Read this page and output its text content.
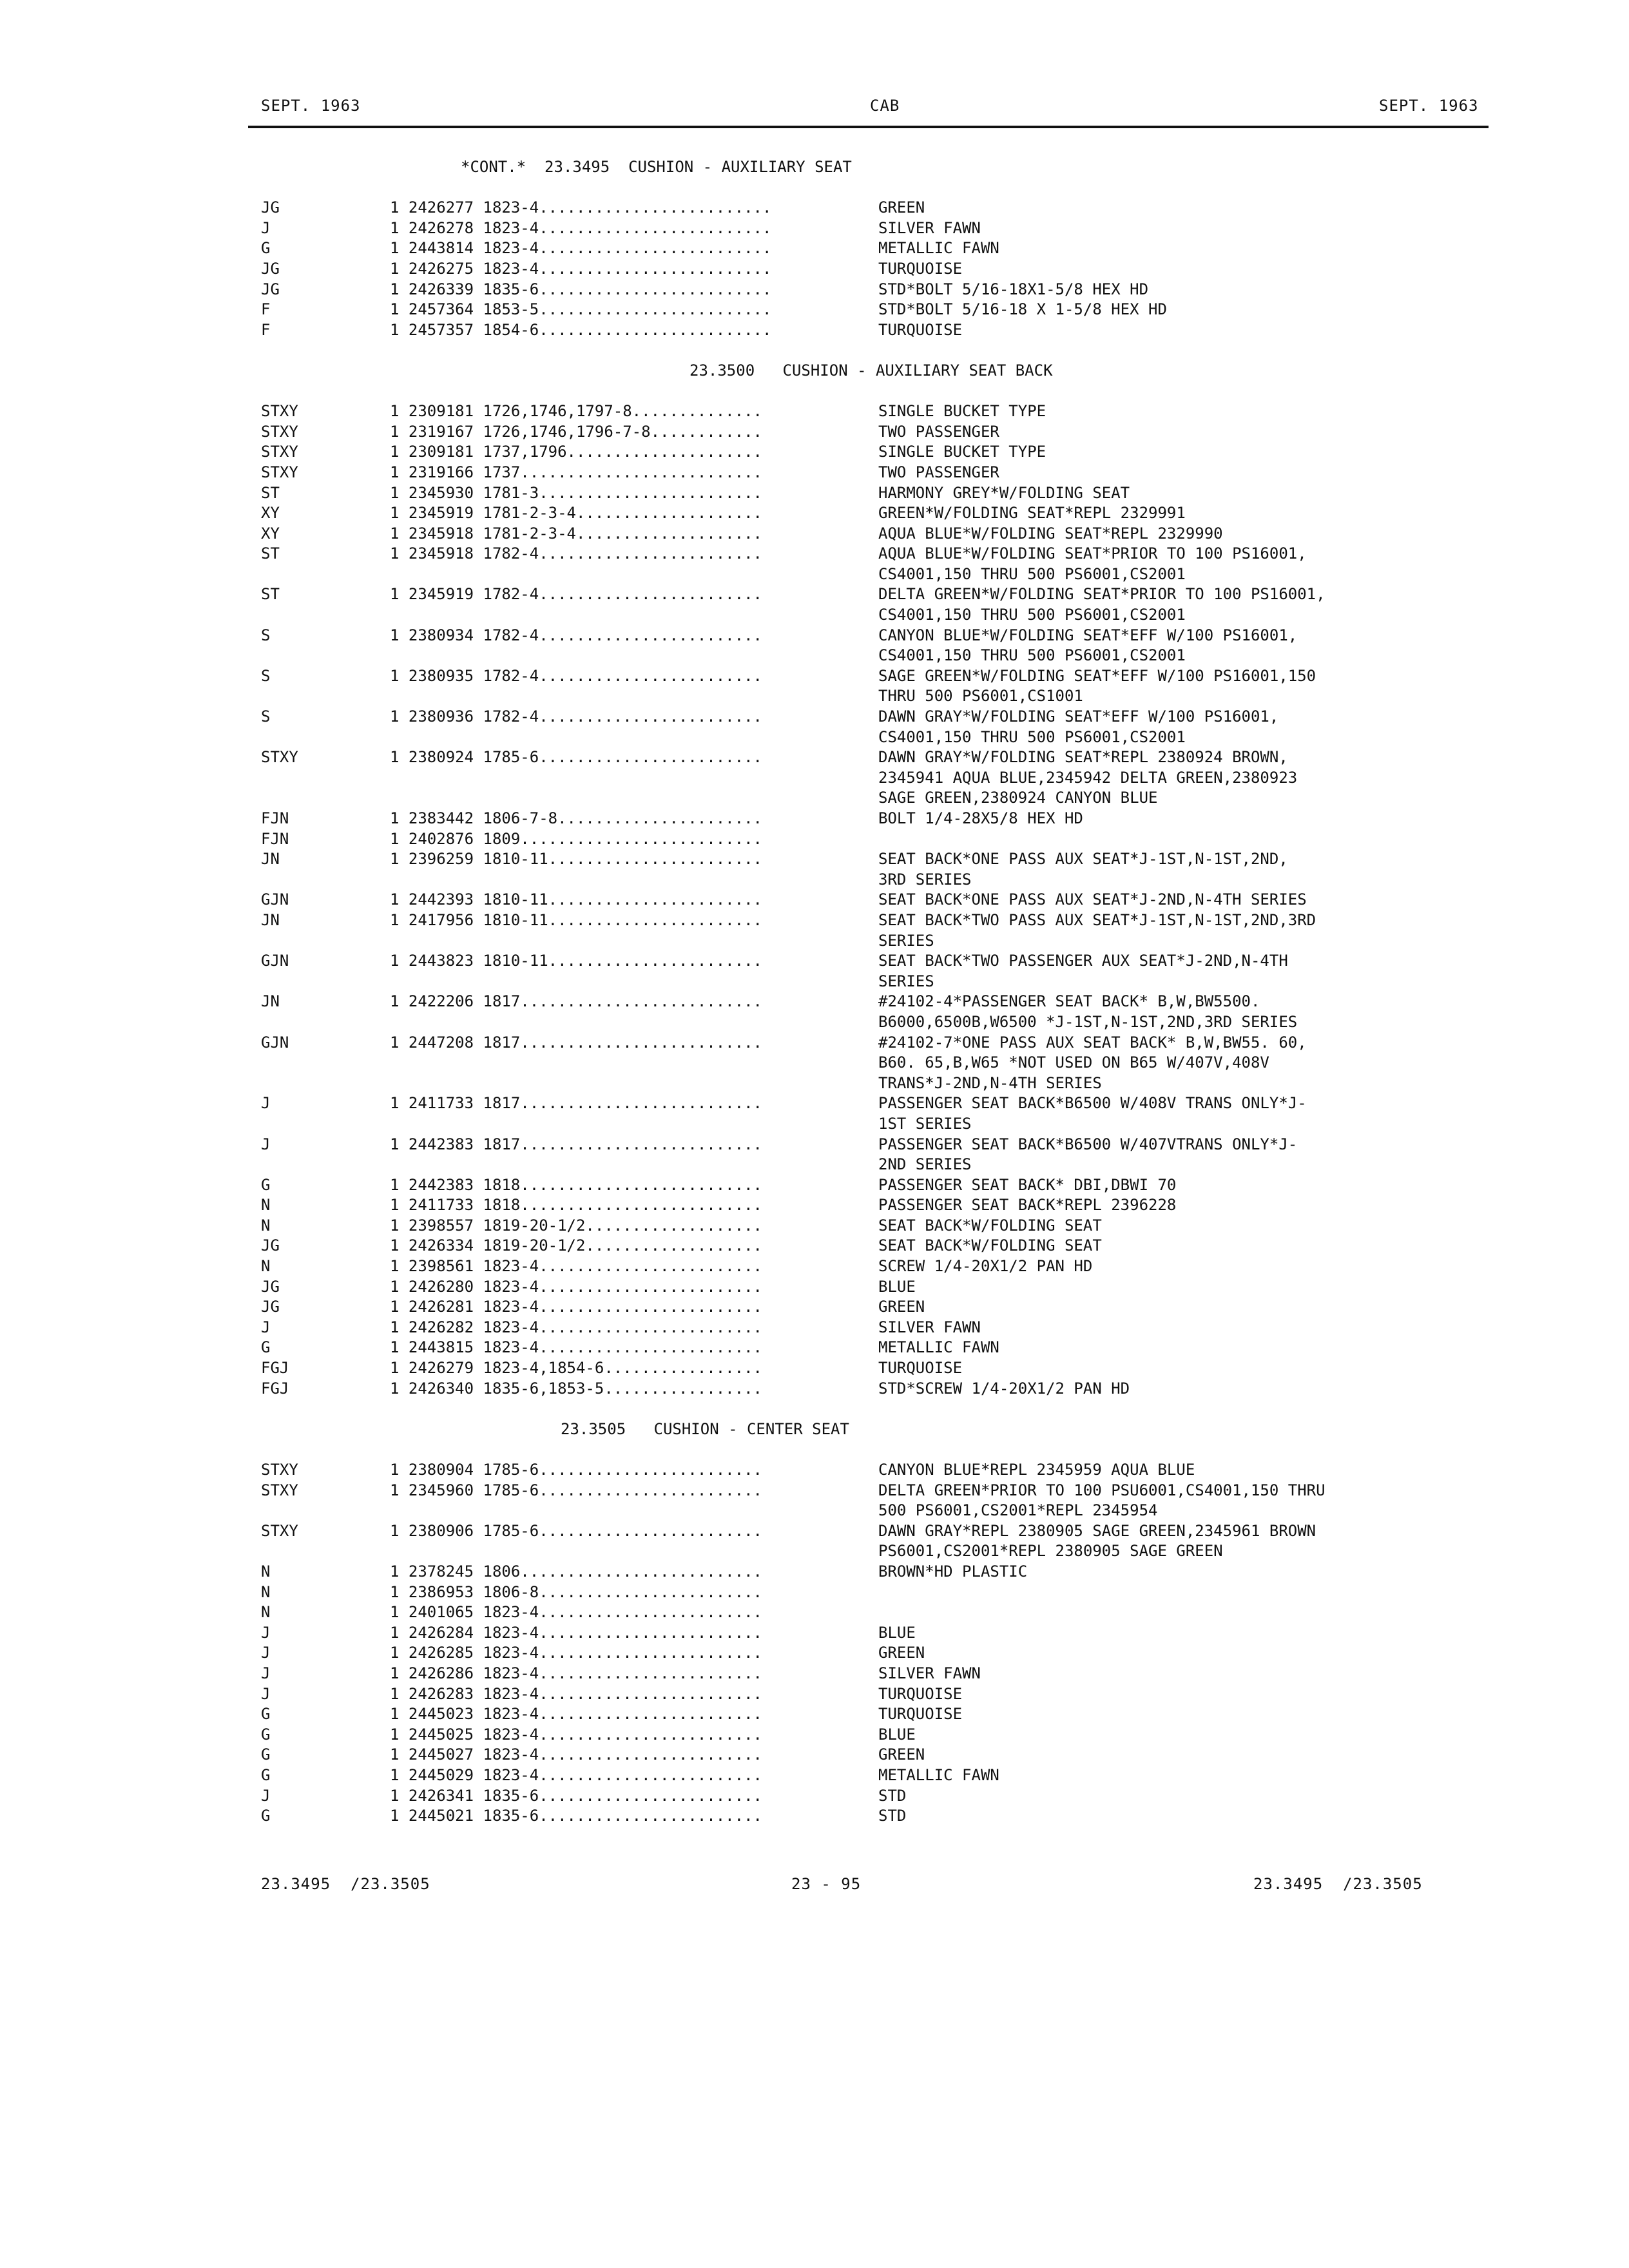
SEPT. 1963	CAB	SEPT. 1963
*CONT.*  23.3495  CUSHION - AUXILIARY SEAT
JG	1 2426277 1823-4.........................	GREEN
J	1 2426278 1823-4.........................	SILVER FAWN
G	1 2443814 1823-4.........................	METALLIC FAWN
JG	1 2426275 1823-4.........................	TURQUOISE
JG	1 2426339 1835-6.........................	STD*BOLT 5/16-18X1-5/8 HEX HD
F	1 2457364 1853-5.........................	STD*BOLT 5/16-18 X 1-5/8 HEX HD
F	1 2457357 1854-6.........................	TURQUOISE
23.3500   CUSHION - AUXILIARY SEAT BACK
STXY	1 2309181 1726,1746,1797-8..............	SINGLE BUCKET TYPE
STXY	1 2319167 1726,1746,1796-7-8............	TWO PASSENGER
STXY	1 2309181 1737,1796.....................	SINGLE BUCKET TYPE
STXY	1 2319166 1737..........................	TWO PASSENGER
ST	1 2345930 1781-3........................	HARMONY GREY*W/FOLDING SEAT
XY	1 2345919 1781-2-3-4....................	GREEN*W/FOLDING SEAT*REPL 2329991
XY	1 2345918 1781-2-3-4....................	AQUA BLUE*W/FOLDING SEAT*REPL 2329990
ST	1 2345918 1782-4........................	AQUA BLUE*W/FOLDING SEAT*PRIOR TO 100 PS16001,
CS4001,150 THRU 500 PS6001,CS2001
ST	1 2345919 1782-4........................	DELTA GREEN*W/FOLDING SEAT*PRIOR TO 100 PS16001,
CS4001,150 THRU 500 PS6001,CS2001
S	1 2380934 1782-4........................	CANYON BLUE*W/FOLDING SEAT*EFF W/100 PS16001,
CS4001,150 THRU 500 PS6001,CS2001
S	1 2380935 1782-4........................	SAGE GREEN*W/FOLDING SEAT*EFF W/100 PS16001,150
THRU 500 PS6001,CS1001
S	1 2380936 1782-4........................	DAWN GRAY*W/FOLDING SEAT*EFF W/100 PS16001,
CS4001,150 THRU 500 PS6001,CS2001
STXY	1 2380924 1785-6........................	DAWN GRAY*W/FOLDING SEAT*REPL 2380924 BROWN,
2345941 AQUA BLUE,2345942 DELTA GREEN,2380923
SAGE GREEN,2380924 CANYON BLUE
FJN	1 2383442 1806-7-8......................	BOLT 1/4-28X5/8 HEX HD
FJN	1 2402876 1809..........................
JN	1 2396259 1810-11.......................	SEAT BACK*ONE PASS AUX SEAT*J-1ST,N-1ST,2ND,
3RD SERIES
GJN	1 2442393 1810-11.......................	SEAT BACK*ONE PASS AUX SEAT*J-2ND,N-4TH SERIES
JN	1 2417956 1810-11.......................	SEAT BACK*TWO PASS AUX SEAT*J-1ST,N-1ST,2ND,3RD
SERIES
GJN	1 2443823 1810-11.......................	SEAT BACK*TWO PASSENGER AUX SEAT*J-2ND,N-4TH
SERIES
JN	1 2422206 1817..........................	#24102-4*PASSENGER SEAT BACK* B,W,BW5500.
B6000,6500B,W6500 *J-1ST,N-1ST,2ND,3RD SERIES
GJN	1 2447208 1817..........................	#24102-7*ONE PASS AUX SEAT BACK* B,W,BW55. 60,
B60. 65,B,W65 *NOT USED ON B65 W/407V,408V
TRANS*J-2ND,N-4TH SERIES
J	1 2411733 1817..........................	PASSENGER SEAT BACK*B6500 W/408V TRANS ONLY*J-
1ST SERIES
J	1 2442383 1817..........................	PASSENGER SEAT BACK*B6500 W/407VTRANS ONLY*J-
2ND SERIES
G	1 2442383 1818..........................	PASSENGER SEAT BACK* DBI,DBWI 70
N	1 2411733 1818..........................	PASSENGER SEAT BACK*REPL 2396228
N	1 2398557 1819-20-1/2...................	SEAT BACK*W/FOLDING SEAT
JG	1 2426334 1819-20-1/2...................	SEAT BACK*W/FOLDING SEAT
N	1 2398561 1823-4........................	SCREW 1/4-20X1/2 PAN HD
JG	1 2426280 1823-4........................	BLUE
JG	1 2426281 1823-4........................	GREEN
J	1 2426282 1823-4........................	SILVER FAWN
G	1 2443815 1823-4........................	METALLIC FAWN
FGJ	1 2426279 1823-4,1854-6.................	TURQUOISE
FGJ	1 2426340 1835-6,1853-5.................	STD*SCREW 1/4-20X1/2 PAN HD
23.3505   CUSHION - CENTER SEAT
STXY	1 2380904 1785-6........................	CANYON BLUE*REPL 2345959 AQUA BLUE
STXY	1 2345960 1785-6........................	DELTA GREEN*PRIOR TO 100 PSU6001,CS4001,150 THRU
500 PS6001,CS2001*REPL 2345954
STXY	1 2380906 1785-6........................	DAWN GRAY*REPL 2380905 SAGE GREEN,2345961 BROWN
PS6001,CS2001*REPL 2380905 SAGE GREEN
N	1 2378245 1806..........................	BROWN*HD PLASTIC
N	1 2386953 1806-8........................
N	1 2401065 1823-4........................
J	1 2426284 1823-4........................	BLUE
J	1 2426285 1823-4........................	GREEN
J	1 2426286 1823-4........................	SILVER FAWN
J	1 2426283 1823-4........................	TURQUOISE
G	1 2445023 1823-4........................	TURQUOISE
G	1 2445025 1823-4........................	BLUE
G	1 2445027 1823-4........................	GREEN
G	1 2445029 1823-4........................	METALLIC FAWN
J	1 2426341 1835-6........................	STD
G	1 2445021 1835-6........................	STD
23.3495  /23.3505	23 - 95	23.3495  /23.3505
